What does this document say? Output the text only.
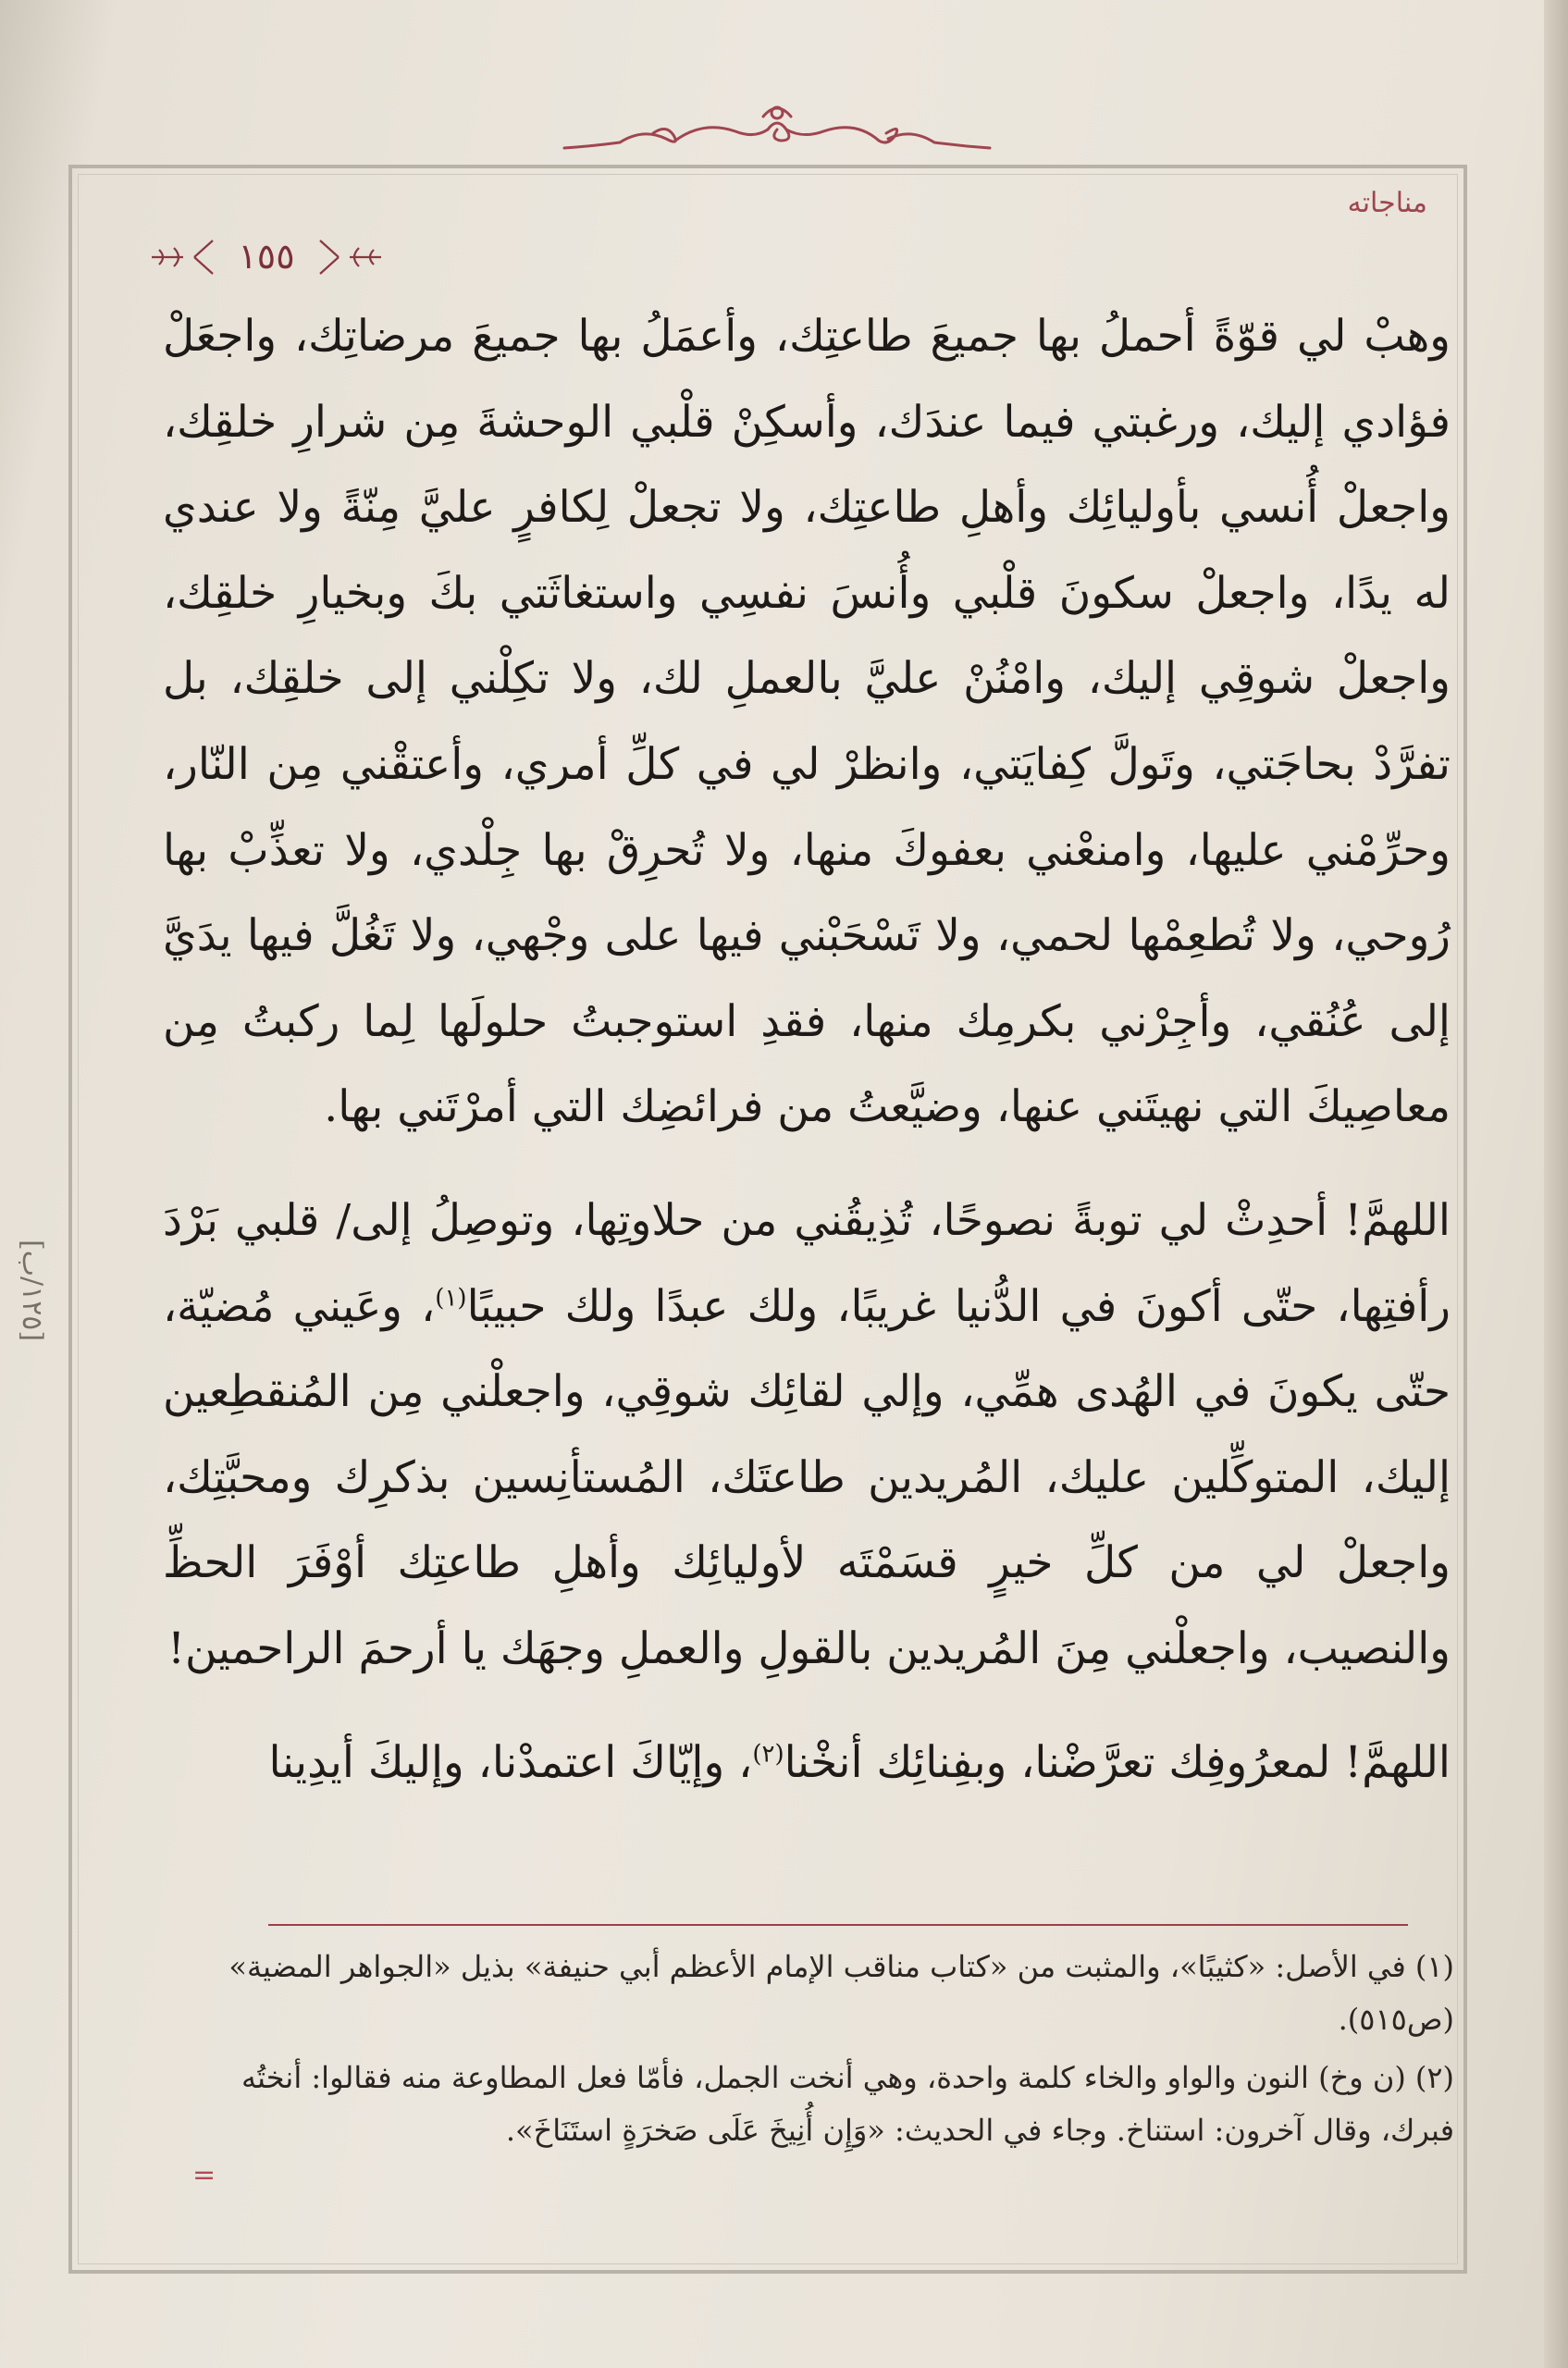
مناجاته
١٥٥
[١٢٥/ب]

وهبْ لي قوّةً أحملُ بها جميعَ طاعتِك، وأعمَلُ بها جميعَ مرضاتِك، واجعَلْ فؤادي إليك، ورغبتي فيما عندَك، وأسكِنْ قلْبي الوحشةَ مِن شرارِ خلقِك، واجعلْ أُنسي بأوليائِك وأهلِ طاعتِك، ولا تجعلْ لِكافرٍ عليَّ مِنّةً ولا عندي له يدًا، واجعلْ سكونَ قلْبي وأُنسَ نفسِي واستغاثَتي بكَ وبخيارِ خلقِك، واجعلْ شوقِي إليك، وامْنُنْ عليَّ بالعملِ لك، ولا تكِلْني إلى خلقِك، بل تفرَّدْ بحاجَتي، وتَولَّ كِفايَتي، وانظرْ لي في كلِّ أمري، وأعتقْني مِن النّار، وحرِّمْني عليها، وامنعْني بعفوكَ منها، ولا تُحرِقْ بها جِلْدي، ولا تعذِّبْ بها رُوحي، ولا تُطعِمْها لحمي، ولا تَسْحَبْني فيها على وجْهي، ولا تَغُلَّ فيها يدَيَّ إلى عُنُقي، وأجِرْني بكرمِك منها، فقدِ استوجبتُ حلولَها لِما ركبتُ مِن معاصِيكَ التي نهيتَني عنها، وضيَّعتُ من فرائضِك التي أمرْتَني بها.

اللهمَّ! أحدِثْ لي توبةً نصوحًا، تُذِيقُني من حلاوتِها، وتوصِلُ إلى/ قلبي بَرْدَ رأفتِها، حتّى أكونَ في الدُّنيا غريبًا، ولك عبدًا ولك حبيبًا$^{(١)}$، وعَيني مُضيّة، حتّى يكونَ في الهُدى همِّي، وإلي لقائِك شوقِي، واجعلْني مِن المُنقطِعين إليك، المتوكِّلين عليك، المُريدين طاعتَك، المُستأنِسين بذكرِك ومحبَّتِك، واجعلْ لي من كلِّ خيرٍ قسَمْتَه لأوليائِك وأهلِ طاعتِك أوْفَرَ الحظِّ والنصيب، واجعلْني مِنَ المُريدين بالقولِ والعملِ وجهَك يا أرحمَ الراحمين!

اللهمَّ! لمعرُوفِك تعرَّضْنا، وبفِنائِك أنخْنا$^{(٢)}$، وإيّاكَ اعتمدْنا، وإليكَ أيدِينا

(١)في الأصل: «كثيبًا»، والمثبت من «كتاب مناقب الإمام الأعظم أبي حنيفة» بذيل «الجواهر المضية» (ص٥١٥).

(٢)(ن وخ) النون والواو والخاء كلمة واحدة، وهي أنخت الجمل، فأمّا فعل المطاوعة منه فقالوا: أنختُه فبرك، وقال آخرون: استناخ. وجاء في الحديث: «وَإِن أُنِيخَ عَلَى صَخرَةٍ استَنَاخَ».

=
